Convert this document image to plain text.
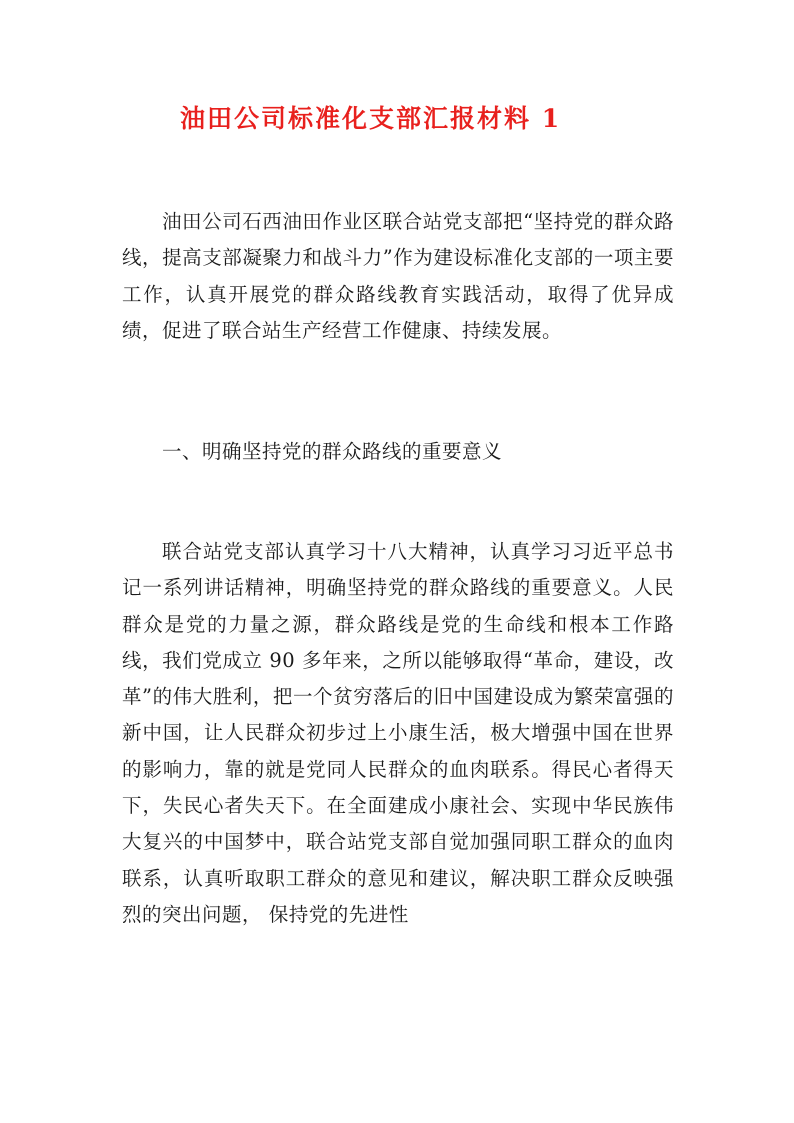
油田公司标准化支部汇报材料 1

油田公司石西油田作业区联合站党支部把“坚持党的群众路线，提高支部凝聚力和战斗力”作为建设标准化支部的一项主要工作，认真开展党的群众路线教育实践活动，取得了优异成绩，促进了联合站生产经营工作健康、持续发展。

一、明确坚持党的群众路线的重要意义

联合站党支部认真学习十八大精神，认真学习习近平总书记一系列讲话精神，明确坚持党的群众路线的重要意义。人民群众是党的力量之源，群众路线是党的生命线和根本工作路线，我们党成立 90 多年来，之所以能够取得“革命，建设，改革”的伟大胜利，把一个贫穷落后的旧中国建设成为繁荣富强的新中国，让人民群众初步过上小康生活，极大增强中国在世界的影响力，靠的就是党同人民群众的血肉联系。得民心者得天下，失民心者失天下。在全面建成小康社会、实现中华民族伟大复兴的中国梦中，联合站党支部自觉加强同职工群众的血肉联系，认真听取职工群众的意见和建议，解决职工群众反映强烈的突出问题， 保持党的先进性
